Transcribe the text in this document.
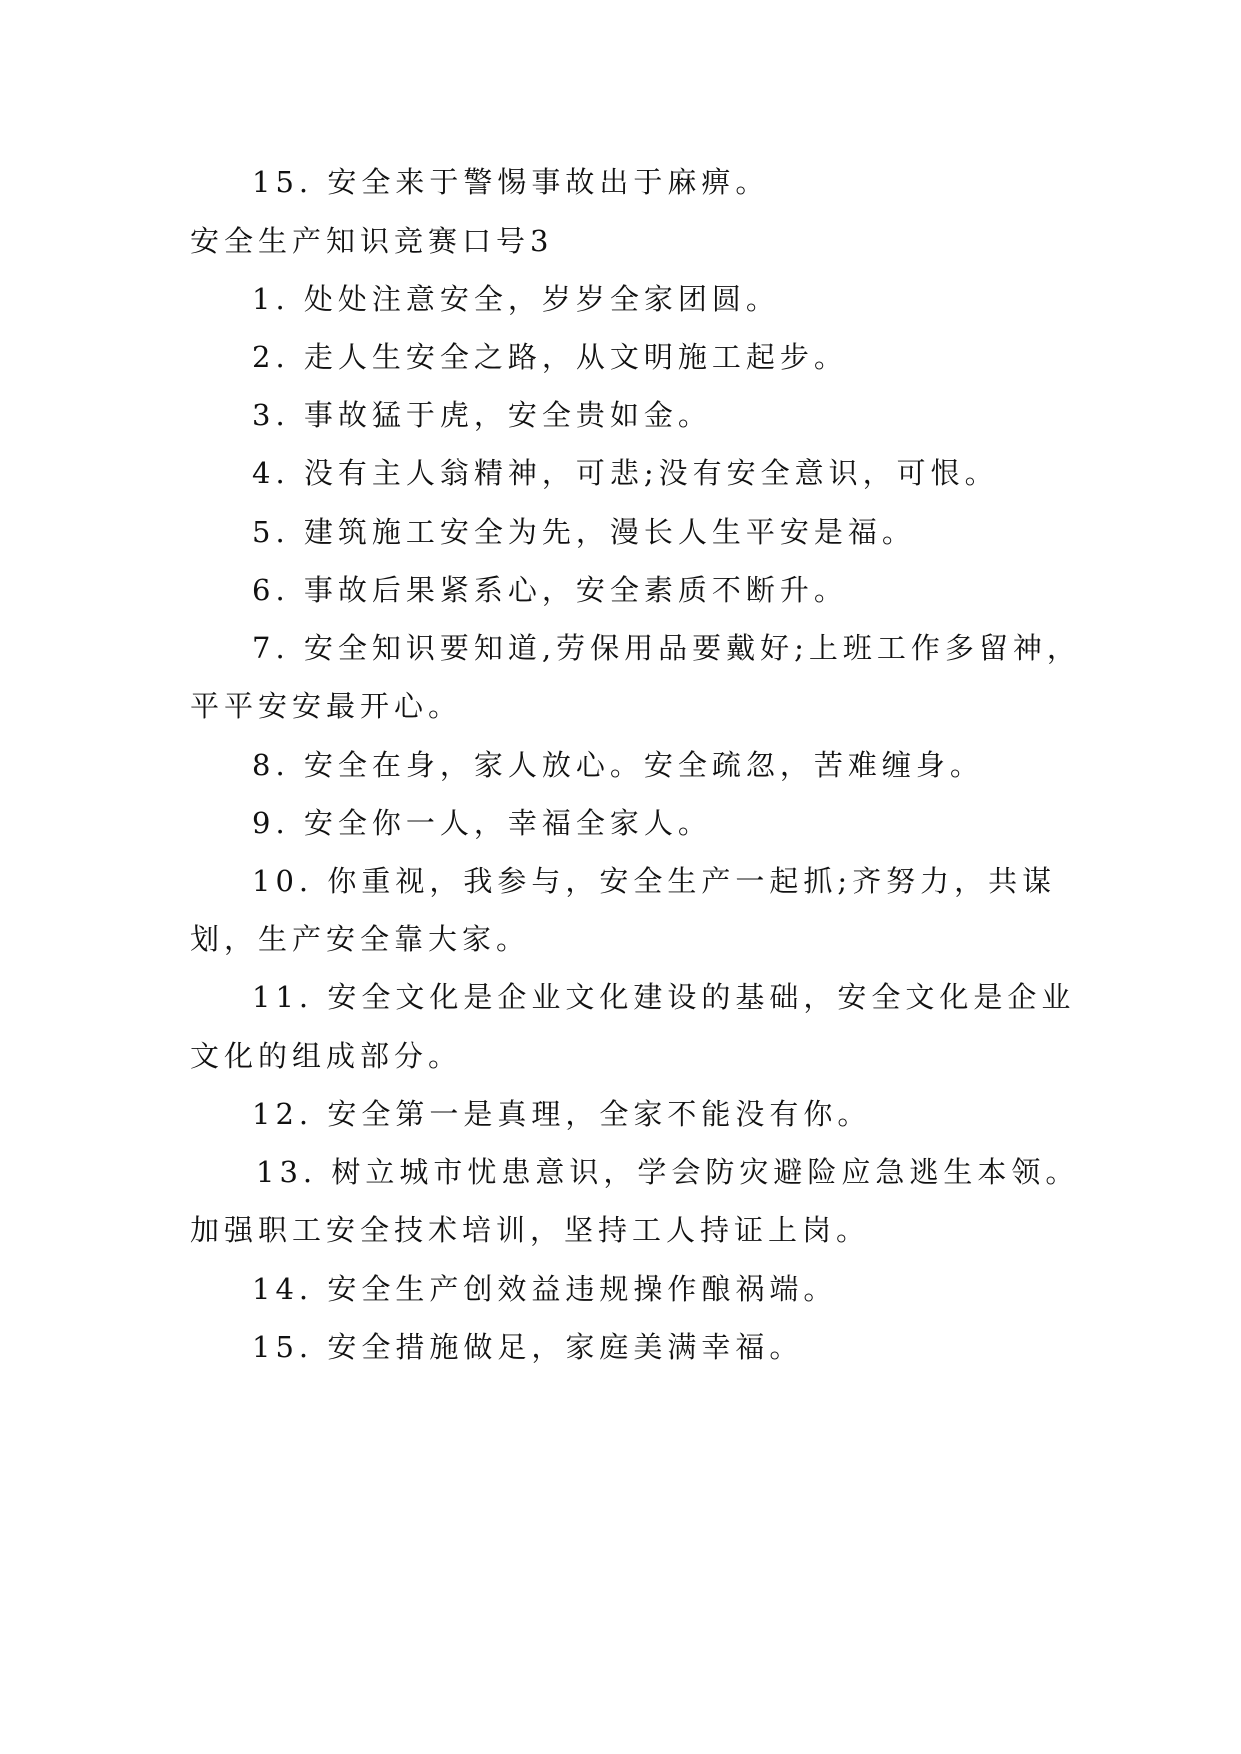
15. 安全来于警惕事故出于麻痹。
安全生产知识竞赛口号3
1. 处处注意安全，岁岁全家团圆。
2. 走人生安全之路，从文明施工起步。
3. 事故猛于虎，安全贵如金。
4. 没有主人翁精神，可悲;没有安全意识，可恨。
5. 建筑施工安全为先，漫长人生平安是福。
6. 事故后果紧系心，安全素质不断升。
7. 安全知识要知道,劳保用品要戴好;上班工作多留神，
平平安安最开心。
8. 安全在身，家人放心。安全疏忽，苦难缠身。
9. 安全你一人，幸福全家人。
10. 你重视，我参与，安全生产一起抓;齐努力，共谋
划，生产安全靠大家。
11. 安全文化是企业文化建设的基础，安全文化是企业
文化的组成部分。
12. 安全第一是真理，全家不能没有你。
13. 树立城市忧患意识，学会防灾避险应急逃生本领。
加强职工安全技术培训，坚持工人持证上岗。
14. 安全生产创效益违规操作酿祸端。
15. 安全措施做足，家庭美满幸福。
